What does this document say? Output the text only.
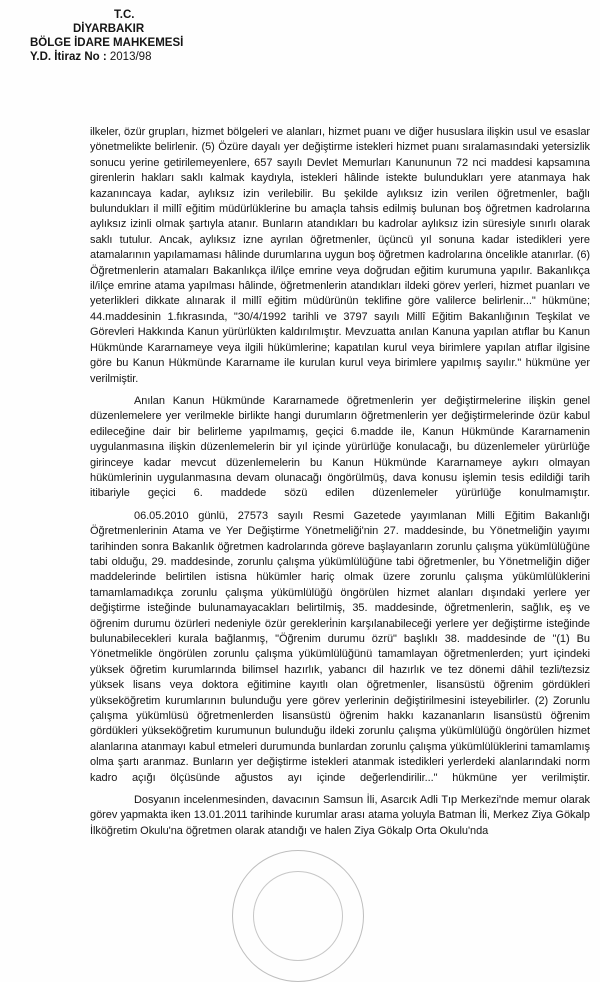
T.C.
DİYARBAKIR
BÖLGE İDARE MAHKEMESİ
Y.D. İtiraz No : 2013/98

ilkeler, özür grupları, hizmet bölgeleri ve alanları, hizmet puanı ve diğer hususlara ilişkin usul ve esaslar yönetmelikte belirlenir. (5) Özüre dayalı yer değiştirme istekleri hizmet puanı sıralamasındaki yetersizlik sonucu yerine getirilemeyenlere, 657 sayılı Devlet Memurları Kanununun 72 nci maddesi kapsamına girenlerin hakları saklı kalmak kaydıyla, istekleri hâlinde istekte bulundukları yere atanmaya hak kazanıncaya kadar, aylıksız izin verilebilir. Bu şekilde aylıksız izin verilen öğretmenler, bağlı bulundukları il millî eğitim müdürlüklerine bu amaçla tahsis edilmiş bulunan boş öğretmen kadrolarına aylıksız izinli olmak şartıyla atanır. Bunların atandıkları bu kadrolar aylıksız izin süresiyle sınırlı olarak saklı tutulur. Ancak, aylıksız izne ayrılan öğretmenler, üçüncü yıl sonuna kadar istedikleri yere atamalarının yapılamaması hâlinde durumlarına uygun boş öğretmen kadrolarına öncelikle atanırlar. (6) Öğretmenlerin atamaları Bakanlıkça il/ilçe emrine veya doğrudan eğitim kurumuna yapılır. Bakanlıkça il/ilçe emrine atama yapılması hâlinde, öğretmenlerin atandıkları ildeki görev yerleri, hizmet puanları ve yeterlikleri dikkate alınarak il millî eğitim müdürünün teklifine göre valilerce belirlenir..." hükmüne; 44.maddesinin 1.fıkrasında, "30/4/1992 tarihli ve 3797 sayılı Millî Eğitim Bakanlığının Teşkilat ve Görevleri Hakkında Kanun yürürlükten kaldırılmıştır. Mevzuatta anılan Kanuna yapılan atıflar bu Kanun Hükmünde Kararnameye veya ilgili hükümlerine; kapatılan kurul veya birimlere yapılan atıflar ilgisine göre bu Kanun Hükmünde Kararname ile kurulan kurul veya birimlere yapılmış sayılır." hükmüne yer verilmiştir.

Anılan Kanun Hükmünde Kararnamede öğretmenlerin yer değiştirmelerine ilişkin genel düzenlemelere yer verilmekle birlikte hangi durumların öğretmenlerin yer değiştirmelerinde özür kabul edileceğine dair bir belirleme yapılmamış, geçici 6.madde ile, Kanun Hükmünde Kararnamenin uygulanmasına ilişkin düzenlemelerin bir yıl içinde yürürlüğe konulacağı, bu düzenlemeler yürürlüğe girinceye kadar mevcut düzenlemelerin bu Kanun Hükmünde Kararnameye aykırı olmayan hükümlerinin uygulanmasına devam olunacağı öngörülmüş, dava konusu işlemin tesis edildiği tarih itibariyle geçici 6. maddede sözü edilen düzenlemeler yürürlüğe konulmamıştır.

06.05.2010 günlü, 27573 sayılı Resmi Gazetede yayımlanan Milli Eğitim Bakanlığı Öğretmenlerinin Atama ve Yer Değiştirme Yönetmeliği'nin 27. maddesinde, bu Yönetmeliğin yayımı tarihinden sonra Bakanlık öğretmen kadrolarında göreve başlayanların zorunlu çalışma yükümlülüğüne tabi olduğu, 29. maddesinde, zorunlu çalışma yükümlülüğüne tabi öğretmenler, bu Yönetmeliğin diğer maddelerinde belirtilen istisna hükümler hariç olmak üzere zorunlu çalışma yükümlülüklerini tamamlamadıkça zorunlu çalışma yükümlülüğü öngörülen hizmet alanları dışındaki yerlere yer değiştirme isteğinde bulunamayacakları belirtilmiş, 35. maddesinde, öğretmenlerin, sağlık, eş ve öğrenim durumu özürleri nedeniyle özür gerekleri̇nin karşılanabileceği yerlere yer değiştirme isteğinde bulunabilecekleri kurala bağlanmış, "Öğrenim durumu özrü" başlıklı 38. maddesinde de "(1) Bu Yönetmelikle öngörülen zorunlu çalışma yükümlülüğünü tamamlayan öğretmenlerden; yurt içindeki yüksek öğretim kurumlarında bilimsel hazırlık, yabancı dil hazırlık ve tez dönemi dâhil tezli/tezsiz yüksek lisans veya doktora eğitimine kayıtlı olan öğretmenler, lisansüstü öğrenim gördükleri yükseköğretim kurumlarının bulunduğu yere görev yerlerinin değiştirilmesini isteyebilirler. (2) Zorunlu çalışma yükümlüsü öğretmenlerden lisansüstü öğrenim hakkı kazananların lisansüstü öğrenim gördükleri yükseköğretim kurumunun bulunduğu ildeki zorunlu çalışma yükümlülüğü öngörülen hizmet alanlarına atanmayı kabul etmeleri durumunda bunlardan zorunlu çalışma yükümlülüklerini tamamlamış olma şartı aranmaz. Bunların yer değiştirme istekleri atanmak istedikleri yerlerdeki alanlarındaki norm kadro açığı ölçüsünde ağustos ayı içinde değerlendirilir..." hükmüne yer verilmiştir.

Dosyanın incelenmesinden, davacının Samsun İli, Asarcık Adli Tıp Merkezi'nde memur olarak görev yapmakta iken 13.01.2011 tarihinde kurumlar arası atama yoluyla Batman İli, Merkez Ziya Gökalp İlköğretim Okulu'na öğretmen olarak atandığı ve halen Ziya Gökalp Orta Okulu'nda
